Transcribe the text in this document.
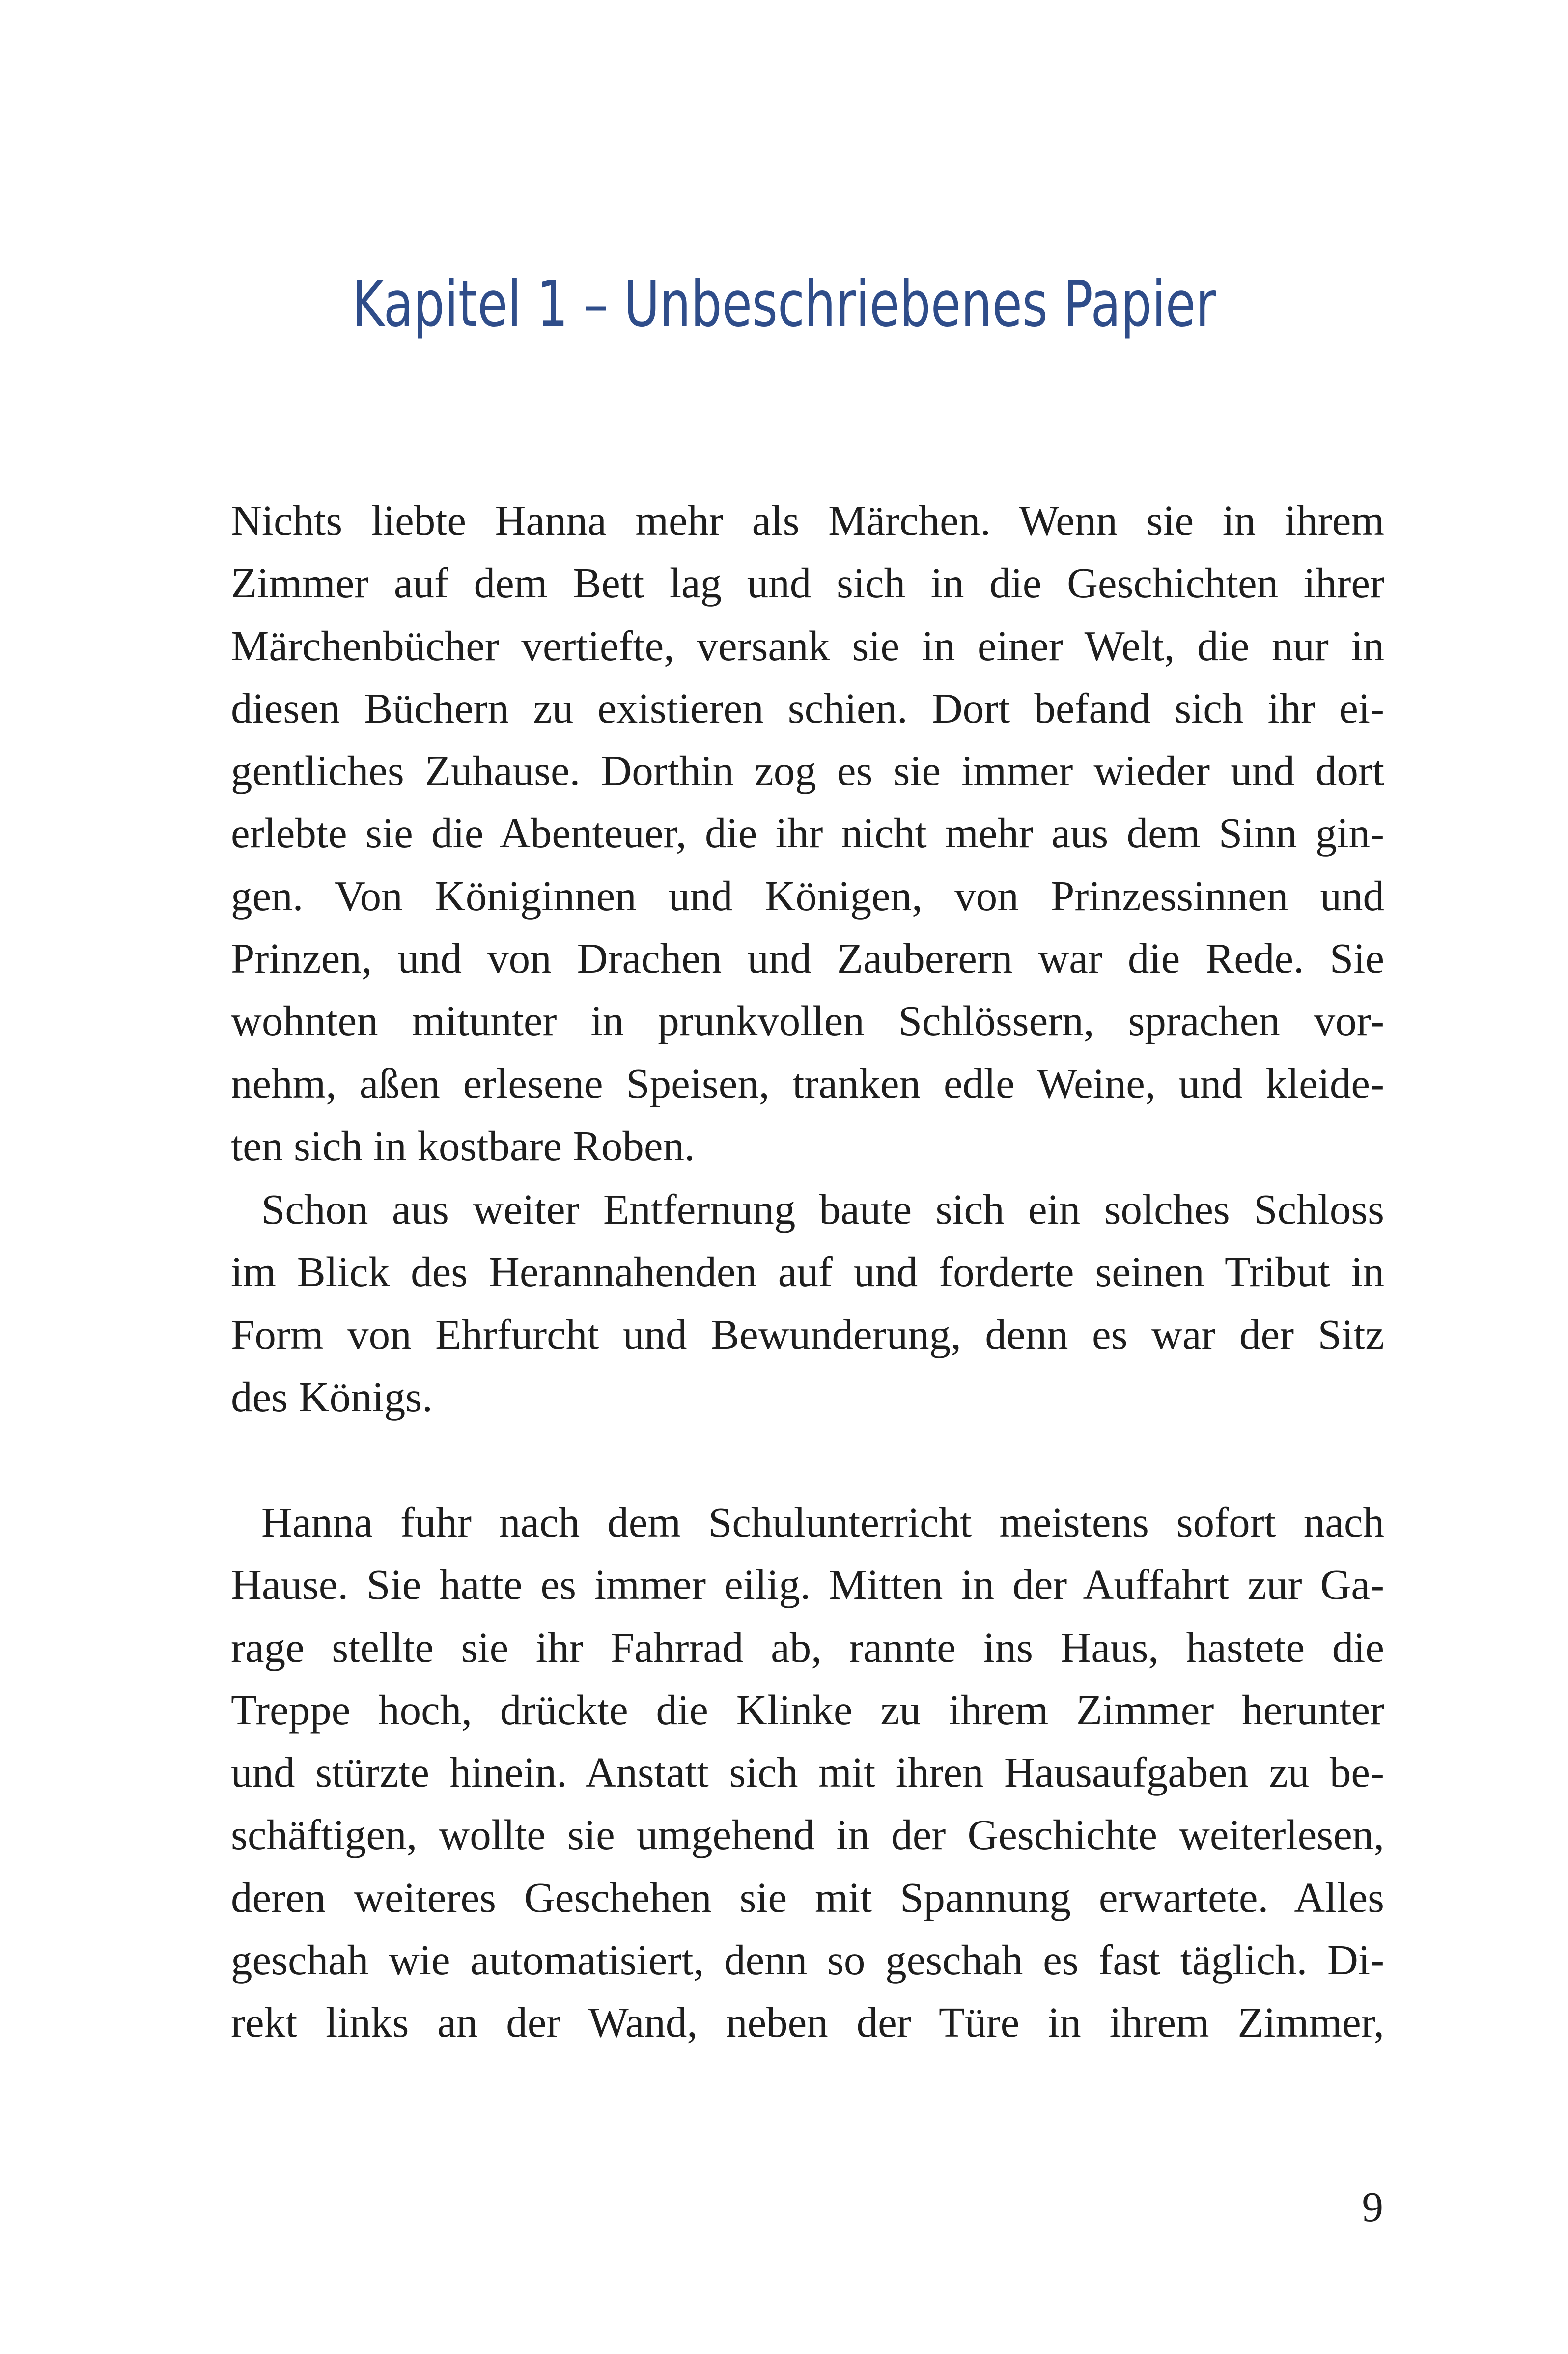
Kapitel 1 – Unbeschriebenes Papier
Nichts liebte Hanna mehr als Märchen. Wenn sie in ihrem
Zimmer auf dem Bett lag und sich in die Geschichten ihrer
Märchenbücher vertiefte, versank sie in einer Welt, die nur in
diesen Büchern zu existieren schien. Dort befand sich ihr ei-
gentliches Zuhause. Dorthin zog es sie immer wieder und dort
erlebte sie die Abenteuer, die ihr nicht mehr aus dem Sinn gin-
gen. Von Königinnen und Königen, von Prinzessinnen und
Prinzen, und von Drachen und Zauberern war die Rede. Sie
wohnten mitunter in prunkvollen Schlössern, sprachen vor-
nehm, aßen erlesene Speisen, tranken edle Weine, und kleide-
ten sich in kostbare Roben.
Schon aus weiter Entfernung baute sich ein solches Schloss
im Blick des Herannahenden auf und forderte seinen Tribut in
Form von Ehrfurcht und Bewunderung, denn es war der Sitz
des Königs.
Hanna fuhr nach dem Schulunterricht meistens sofort nach
Hause. Sie hatte es immer eilig. Mitten in der Auffahrt zur Ga-
rage stellte sie ihr Fahrrad ab, rannte ins Haus, hastete die
Treppe hoch, drückte die Klinke zu ihrem Zimmer herunter
und stürzte hinein. Anstatt sich mit ihren Hausaufgaben zu be-
schäftigen, wollte sie umgehend in der Geschichte weiterlesen,
deren weiteres Geschehen sie mit Spannung erwartete. Alles
geschah wie automatisiert, denn so geschah es fast täglich. Di-
rekt links an der Wand, neben der Türe in ihrem Zimmer,

9
